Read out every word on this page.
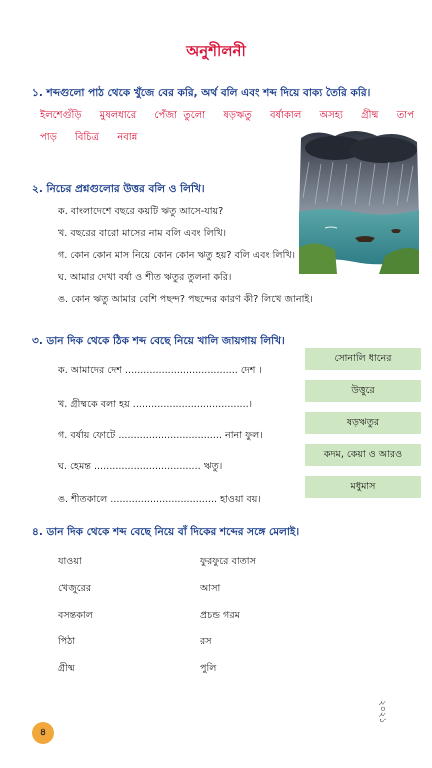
অনুশীলনী
১. শব্দগুলো পাঠ থেকে খুঁজে বের করি, অর্থ বলি এবং শব্দ দিয়ে বাক্য তৈরি করি।
ইলশেগুঁড়ি মুষলধারে পেঁজা তুলো ষড়ঋতু বর্ষাকাল অসহ্য গ্রীষ্ম তাপ
পাড় বিচিত্র নবান্ন
২. নিচের প্রশ্নগুলোর উত্তর বলি ও লিখি।
ক. বাংলাদেশে বছরে কয়টি ঋতু আসে-যায়?
খ. বছরের বারো মাসের নাম বলি এবং লিখি।
গ. কোন কোন মাস নিয়ে কোন কোন ঋতু হয়? বলি এবং লিখি।
ঘ. আমার দেখা বর্ষা ও শীত ঋতুর তুলনা করি।
ঙ. কোন ঋতু আমার বেশি পছন্দ? পছন্দের কারণ কী? লিখে জানাই।
৩. ডান দিক থেকে ঠিক শব্দ বেছে নিয়ে খালি জায়গায় লিখি।
ক. আমাদের দেশ ..................................... দেশ ।
খ. গ্রীষ্মকে বলা হয় ......................................।
গ. বর্ষায় ফোটে .................................. নানা ফুল।
ঘ. হেমন্ত ................................... ঋতু।
ঙ. শীতকালে ................................... হাওয়া বয়।
সোনালি ধানের
উত্তুরে
ষড়ঋতুর
কদম, কেয়া ও আরও
মধুমাস
৪. ডান দিক থেকে শব্দ বেছে নিয়ে বাঁ দিকের শব্দের সঙ্গে মেলাই।
যাওয়া	ফুরফুরে বাতাস
খেজুরের	আসা
বসন্তকাল	প্রচন্ড গরম
পিঠা	রস
গ্রীষ্ম	পুলি
৪
২০২১
